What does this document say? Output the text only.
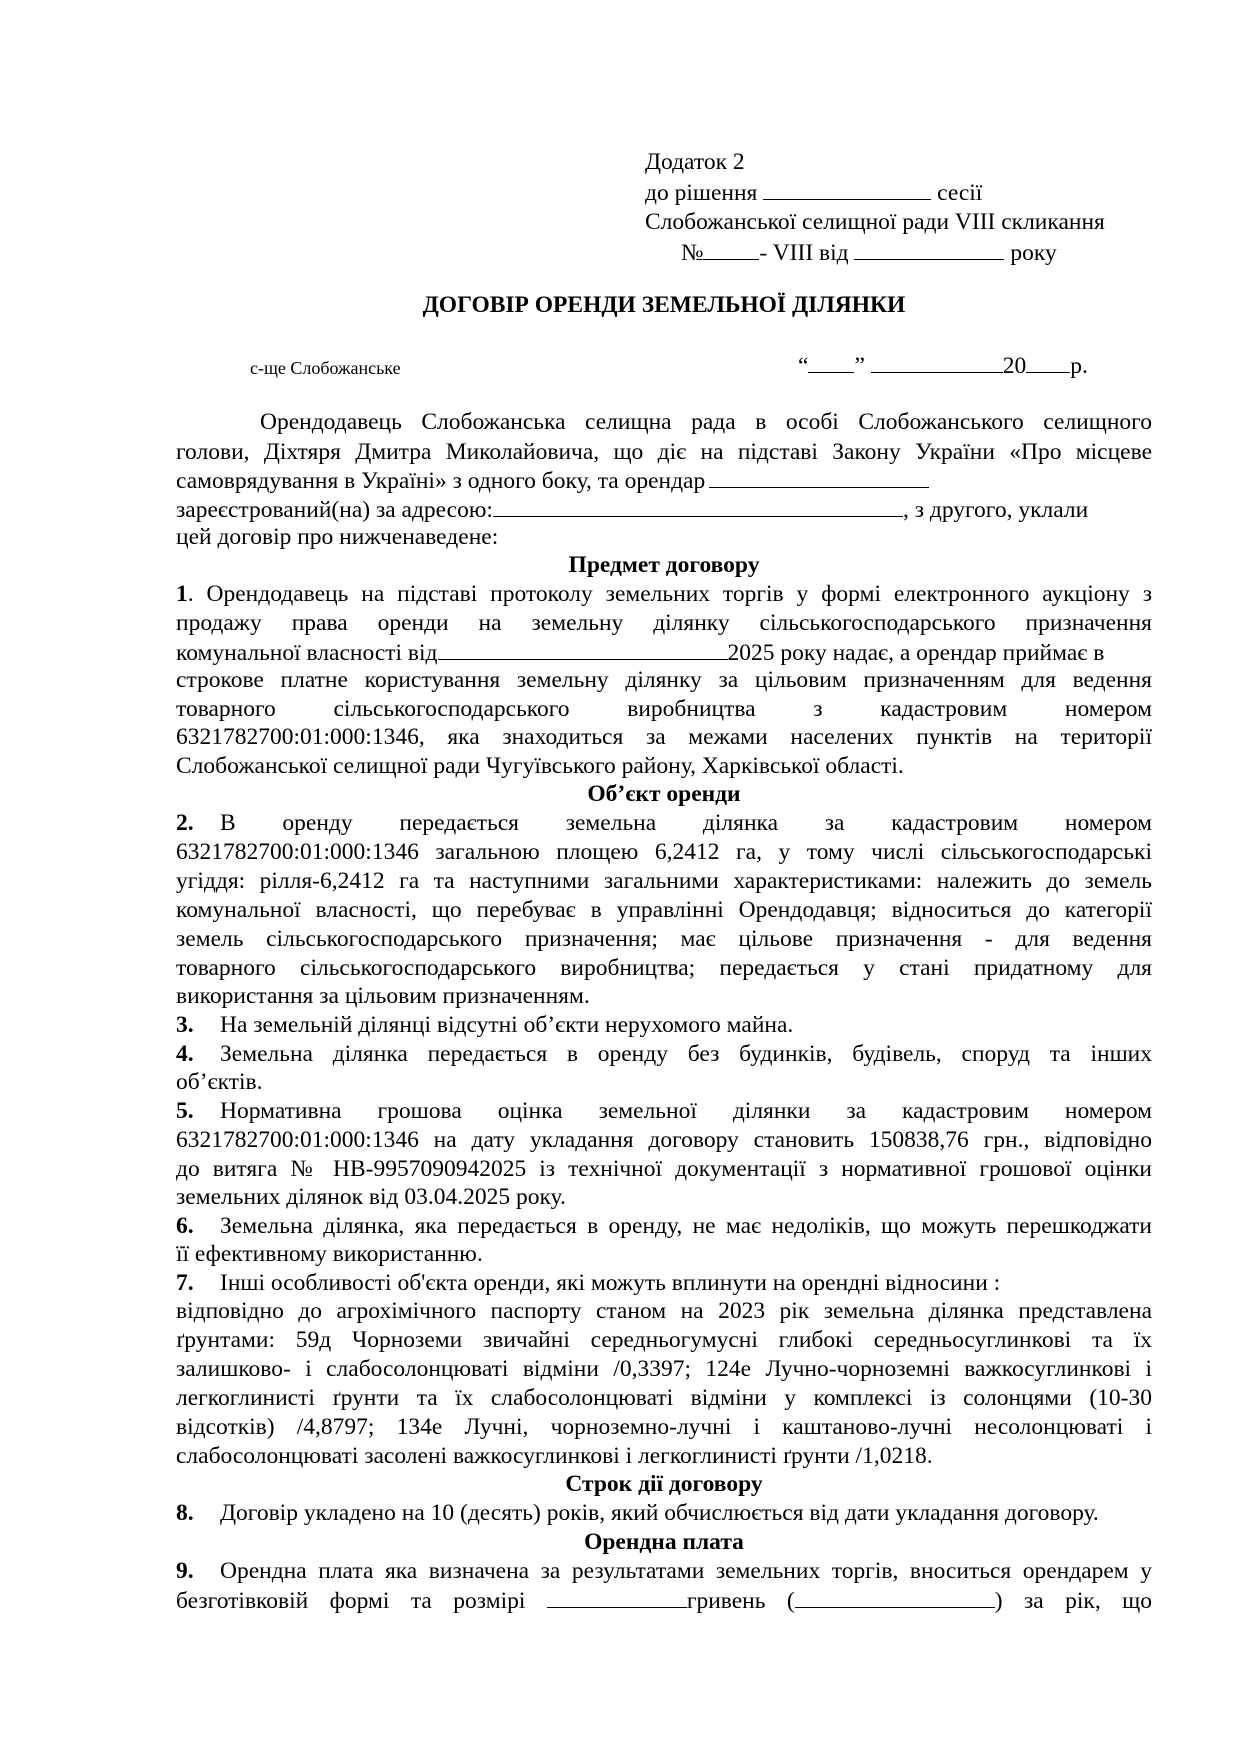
Додаток 2
до рішення	сесії
Слобожанської селищної ради VIII скликання
№ - VIII від	року
ДОГОВІР ОРЕНДИ ЗЕМЕЛЬНОЇ ДІЛЯНКИ
с-ще Слобожанське	“ ”	20 р.
Орендодавець Слобожанська селищна рада в особі Слобожанського селищного
голови, Діхтяря Дмитра Миколайовича, що діє на підставі Закону України «Про місцеве
самоврядування в Україні» з одного боку, та орендар
зареєстрований(на) за адресою:	, з другого, уклали
цей договір про нижченаведене:
Предмет договору
1. Орендодавець на підставі протоколу земельних торгів у формі електронного аукціону з
продажу права оренди на земельну ділянку сільськогосподарського призначення
комунальної власності від	2025 року надає, а орендар приймає в
строкове платне користування земельну ділянку за цільовим призначенням для ведення
товарного сільськогосподарського виробництва з кадастровим номером
6321782700:01:000:1346, яка знаходиться за межами населених пунктів на території
Слобожанської селищної ради Чугуївського району, Харківської області.
Об’єкт оренди
2. В оренду передається земельна ділянка за кадастровим номером
6321782700:01:000:1346 загальною площею 6,2412 га, у тому числі сільськогосподарські
угіддя: рілля-6,2412 га та наступними загальними характеристиками: належить до земель
комунальної власності, що перебуває в управлінні Орендодавця; відноситься до категорії
земель сільськогосподарського призначення; має цільове призначення - для ведення
товарного сільськогосподарського виробництва; передається у стані придатному для
використання за цільовим призначенням.
3. На земельній ділянці відсутні об’єкти нерухомого майна.
4. Земельна ділянка передається в оренду без будинків, будівель, споруд та інших
об’єктів.
5. Нормативна грошова оцінка земельної ділянки за кадастровим номером
6321782700:01:000:1346 на дату укладання договору становить 150838,76 грн., відповідно
до витяга № НВ-9957090942025 із технічної документації з нормативної грошової оцінки
земельних ділянок від 03.04.2025 року.
6. Земельна ділянка, яка передається в оренду, не має недоліків, що можуть перешкоджати
її ефективному використанню.
7. Інші особливості об'єкта оренди, які можуть вплинути на орендні відносини :
відповідно до агрохімічного паспорту станом на 2023 рік земельна ділянка представлена
ґрунтами: 59д Чорноземи звичайні середньогумусні глибокі середньосуглинкові та їх
залишково- і слабосолонцюваті відміни /0,3397; 124е Лучно-чорноземні важкосуглинкові і
легкоглинисті ґрунти та їх слабосолонцюваті відміни у комплексі із солонцями (10-30
відсотків) /4,8797; 134е Лучні, чорноземно-лучні і каштаново-лучні несолонцюваті і
слабосолонцюваті засолені важкосуглинкові і легкоглинисті ґрунти /1,0218.
Строк дії договору
8. Договір укладено на 10 (десять) років, який обчислюється від дати укладання договору.
Орендна плата
9. Орендна плата яка визначена за результатами земельних торгів, вноситься орендарем у
безготівковій формі та розмірі	гривень (	) за рік, що
